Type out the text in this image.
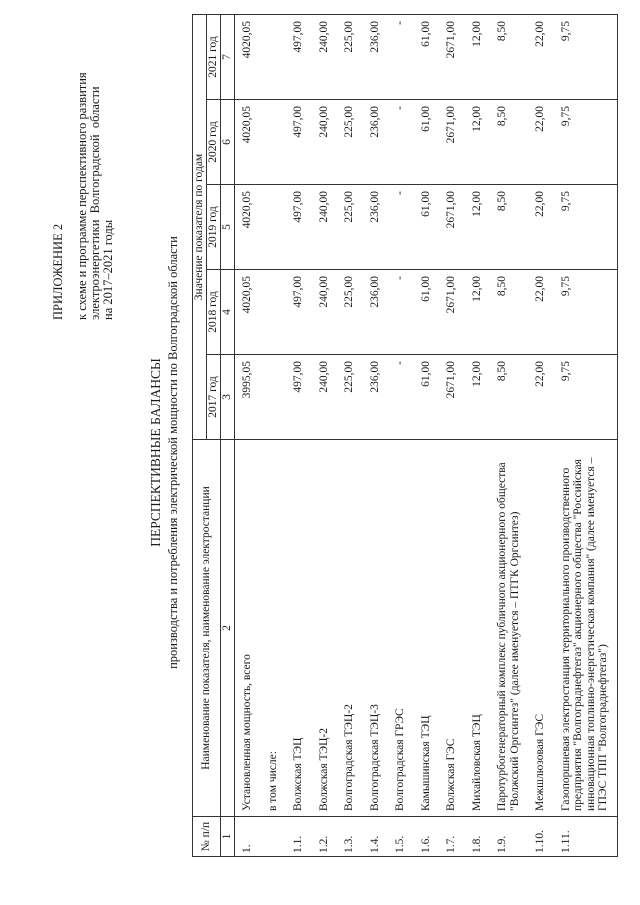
ПРИЛОЖЕНИЕ 2 к схеме и программе перспективного развития электроэнергетики  Волгоградской  области на 2017–2021 годы
ПЕРСПЕКТИВНЫЕ БАЛАНСЫ производства и потребления электрической мощности по Волгоградской области
№ п/п	Наименование показателя, наименование электростанции	Значение показателя по годам				
		2017 год	2018 год	2019 год	2020 год	2021 год
1	2	3	4	5	6	7
1.	Установленная мощность, всего	3995,05	4020,05	4020,05	4020,05	4020,05
	в том числе:					
1.1.	Волжская ТЭЦ	497,00	497,00	497,00	497,00	497,00
1.2.	Волжская ТЭЦ-2	240,00	240,00	240,00	240,00	240,00
1.3.	Волгоградская ТЭЦ-2	225,00	225,00	225,00	225,00	225,00
1.4.	Волгоградская ТЭЦ-3	236,00	236,00	236,00	236,00	236,00
1.5.	Волгоградская ГРЭС	-	-	-	-	-
1.6.	Камышинская ТЭЦ	61,00	61,00	61,00	61,00	61,00
1.7.	Волжская ГЭС	2671,00	2671,00	2671,00	2671,00	2671,00
1.8.	Михайловская ТЭЦ	12,00	12,00	12,00	12,00	12,00
1.9.	Паротурбогенераторный комплекс публичного акционерного общества "Волжский Оргсинтез" (далее именуется – ПТГК Оргсинтез)	8,50	8,50	8,50	8,50	8,50
1.10.	Межшлюзовая ГЭС	22,00	22,00	22,00	22,00	22,00
1.11.	Газопоршневая электростанция территориального производственного предприятия "Волгограднефтегаз" акционерного общества "Российская инновационная топливно-энергетическая компания" (далее именуется – ГПЭС ТПП "Волгограднефтегаз")	9,75	9,75	9,75	9,75	9,75
